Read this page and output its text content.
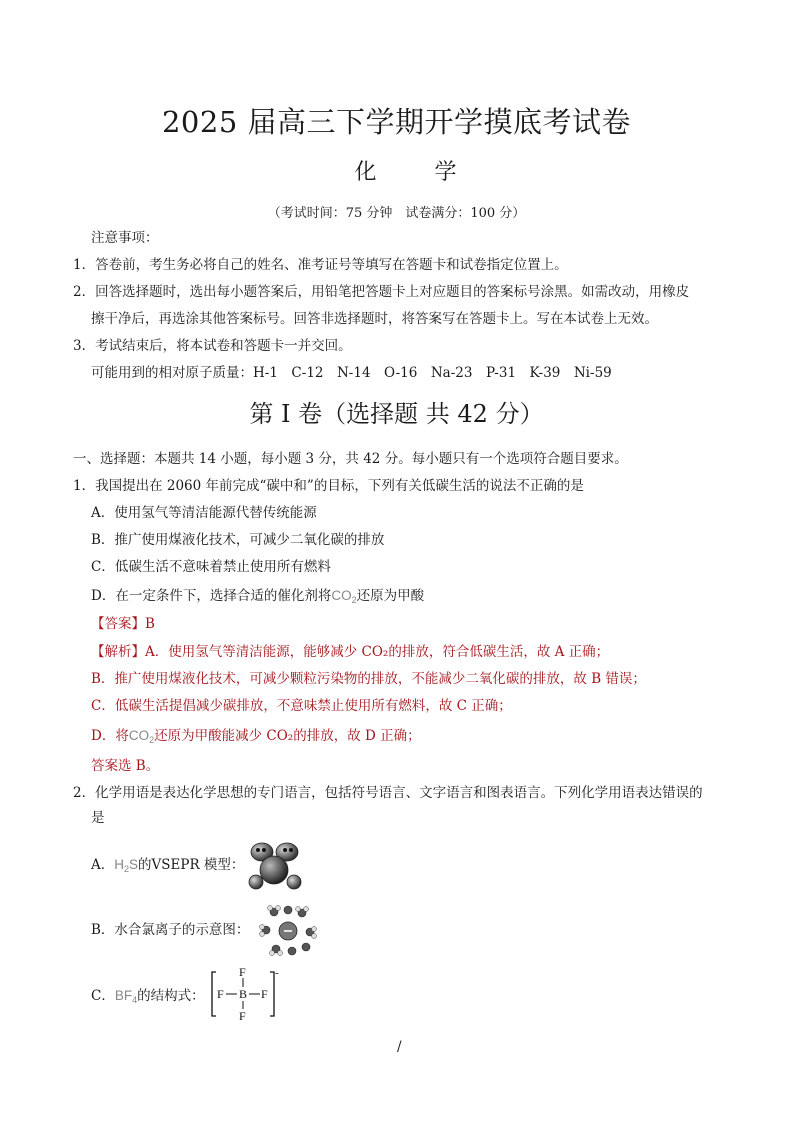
2025 届高三下学期开学摸底考试卷
化　学
（考试时间：75 分钟　试卷满分：100 分）
注意事项：
1．答卷前，考生务必将自己的姓名、准考证号等填写在答题卡和试卷指定位置上。
2．回答选择题时，选出每小题答案后，用铅笔把答题卡上对应题目的答案标号涂黑。如需改动，用橡皮
擦干净后，再选涂其他答案标号。回答非选择题时，将答案写在答题卡上。写在本试卷上无效。
3．考试结束后，将本试卷和答题卡一并交回。
可能用到的相对原子质量：H-1　C-12　N-14　O-16　Na-23　P-31　K-39　Ni-59
第 I 卷（选择题 共 42 分）
一、选择题：本题共 14 小题，每小题 3 分，共 42 分。每小题只有一个选项符合题目要求。
1．我国提出在 2060 年前完成“碳中和”的目标，下列有关低碳生活的说法不正确的是
A．使用氢气等清洁能源代替传统能源
B．推广使用煤液化技术，可减少二氧化碳的排放
C．低碳生活不意味着禁止使用所有燃料
D．在一定条件下，选择合适的催化剂将$CO_2$还原为甲酸
【答案】B
【解析】A．使用氢气等清洁能源，能够减少 CO₂的排放，符合低碳生活，故 A 正确；
B．推广使用煤液化技术，可减少颗粒污染物的排放，不能减少二氧化碳的排放，故 B 错误；
C．低碳生活提倡减少碳排放，不意味禁止使用所有燃料，故 C 正确；
D．将$CO_2$还原为甲酸能减少 CO₂的排放，故 D 正确；
答案选 B。
2．化学用语是表达化学思想的专门语言，包括符号语言、文字语言和图表语言。下列化学用语表达错误的
是
A．$H_2S$的VSEPR 模型：
B．水合氯离子的示意图：
C．$BF_4$的结构式：
-
F
F B F
F
/
